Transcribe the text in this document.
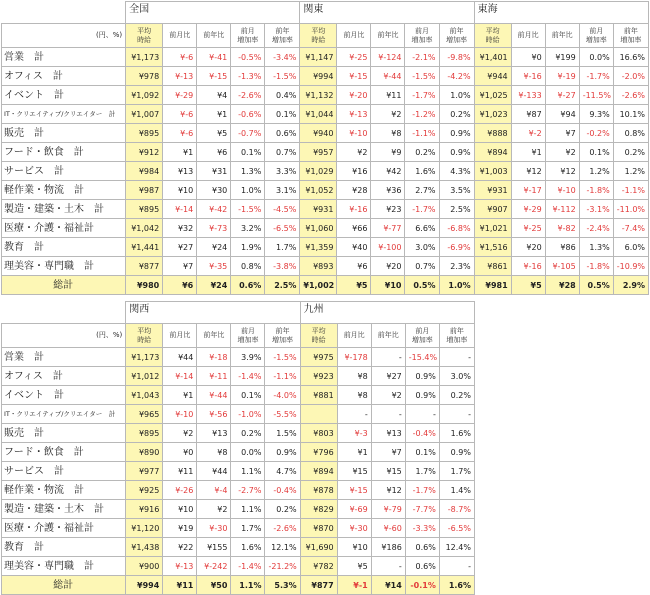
	全国					関東					東海				
(円、%)	平均
時給	前月比	前年比	前月
増加率	前年
増加率	平均
時給	前月比	前年比	前月
増加率	前年
増加率	平均
時給	前月比	前年比	前月
増加率	前年
増加率
営業　計	¥1,173	¥-6	¥-41	-0.5%	-3.4%	¥1,147	¥-25	¥-124	-2.1%	-9.8%	¥1,401	¥0	¥199	0.0%	16.6%
オフィス　計	¥978	¥-13	¥-15	-1.3%	-1.5%	¥994	¥-15	¥-44	-1.5%	-4.2%	¥944	¥-16	¥-19	-1.7%	-2.0%
イベント　計	¥1,092	¥-29	¥4	-2.6%	0.4%	¥1,132	¥-20	¥11	-1.7%	1.0%	¥1,025	¥-133	¥-27	-11.5%	-2.6%
IT・クリエイティブ/クリエイター　計	¥1,007	¥-6	¥1	-0.6%	0.1%	¥1,044	¥-13	¥2	-1.2%	0.2%	¥1,023	¥87	¥94	9.3%	10.1%
販売　計	¥895	¥-6	¥5	-0.7%	0.6%	¥940	¥-10	¥8	-1.1%	0.9%	¥888	¥-2	¥7	-0.2%	0.8%
フード・飲食　計	¥912	¥1	¥6	0.1%	0.7%	¥957	¥2	¥9	0.2%	0.9%	¥894	¥1	¥2	0.1%	0.2%
サービス　計	¥984	¥13	¥31	1.3%	3.3%	¥1,029	¥16	¥42	1.6%	4.3%	¥1,003	¥12	¥12	1.2%	1.2%
軽作業・物流　計	¥987	¥10	¥30	1.0%	3.1%	¥1,052	¥28	¥36	2.7%	3.5%	¥931	¥-17	¥-10	-1.8%	-1.1%
製造・建築・土木　計	¥895	¥-14	¥-42	-1.5%	-4.5%	¥931	¥-16	¥23	-1.7%	2.5%	¥907	¥-29	¥-112	-3.1%	-11.0%
医療・介護・福祉計	¥1,042	¥32	¥-73	3.2%	-6.5%	¥1,060	¥66	¥-77	6.6%	-6.8%	¥1,021	¥-25	¥-82	-2.4%	-7.4%
教育　計	¥1,441	¥27	¥24	1.9%	1.7%	¥1,359	¥40	¥-100	3.0%	-6.9%	¥1,516	¥20	¥86	1.3%	6.0%
理美容・専門職　計	¥877	¥7	¥-35	0.8%	-3.8%	¥893	¥6	¥20	0.7%	2.3%	¥861	¥-16	¥-105	-1.8%	-10.9%
総計	¥980	¥6	¥24	0.6%	2.5%	¥1,002	¥5	¥10	0.5%	1.0%	¥981	¥5	¥28	0.5%	2.9%
	関西					九州				
(円、%)	平均
時給	前月比	前年比	前月
増加率	前年
増加率	平均
時給	前月比	前年比	前月
増加率	前年
増加率
営業　計	¥1,173	¥44	¥-18	3.9%	-1.5%	¥975	¥-178	-	-15.4%	-
オフィス　計	¥1,012	¥-14	¥-11	-1.4%	-1.1%	¥923	¥8	¥27	0.9%	3.0%
イベント　計	¥1,043	¥1	¥-44	0.1%	-4.0%	¥881	¥8	¥2	0.9%	0.2%
IT・クリエイティブ/クリエイター　計	¥965	¥-10	¥-56	-1.0%	-5.5%		-	-	-	-
販売　計	¥895	¥2	¥13	0.2%	1.5%	¥803	¥-3	¥13	-0.4%	1.6%
フード・飲食　計	¥890	¥0	¥8	0.0%	0.9%	¥796	¥1	¥7	0.1%	0.9%
サービス　計	¥977	¥11	¥44	1.1%	4.7%	¥894	¥15	¥15	1.7%	1.7%
軽作業・物流　計	¥925	¥-26	¥-4	-2.7%	-0.4%	¥878	¥-15	¥12	-1.7%	1.4%
製造・建築・土木　計	¥916	¥10	¥2	1.1%	0.2%	¥829	¥-69	¥-79	-7.7%	-8.7%
医療・介護・福祉計	¥1,120	¥19	¥-30	1.7%	-2.6%	¥870	¥-30	¥-60	-3.3%	-6.5%
教育　計	¥1,438	¥22	¥155	1.6%	12.1%	¥1,690	¥10	¥186	0.6%	12.4%
理美容・専門職　計	¥900	¥-13	¥-242	-1.4%	-21.2%	¥782	¥5	-	0.6%	-
総計	¥994	¥11	¥50	1.1%	5.3%	¥877	¥-1	¥14	-0.1%	1.6%
